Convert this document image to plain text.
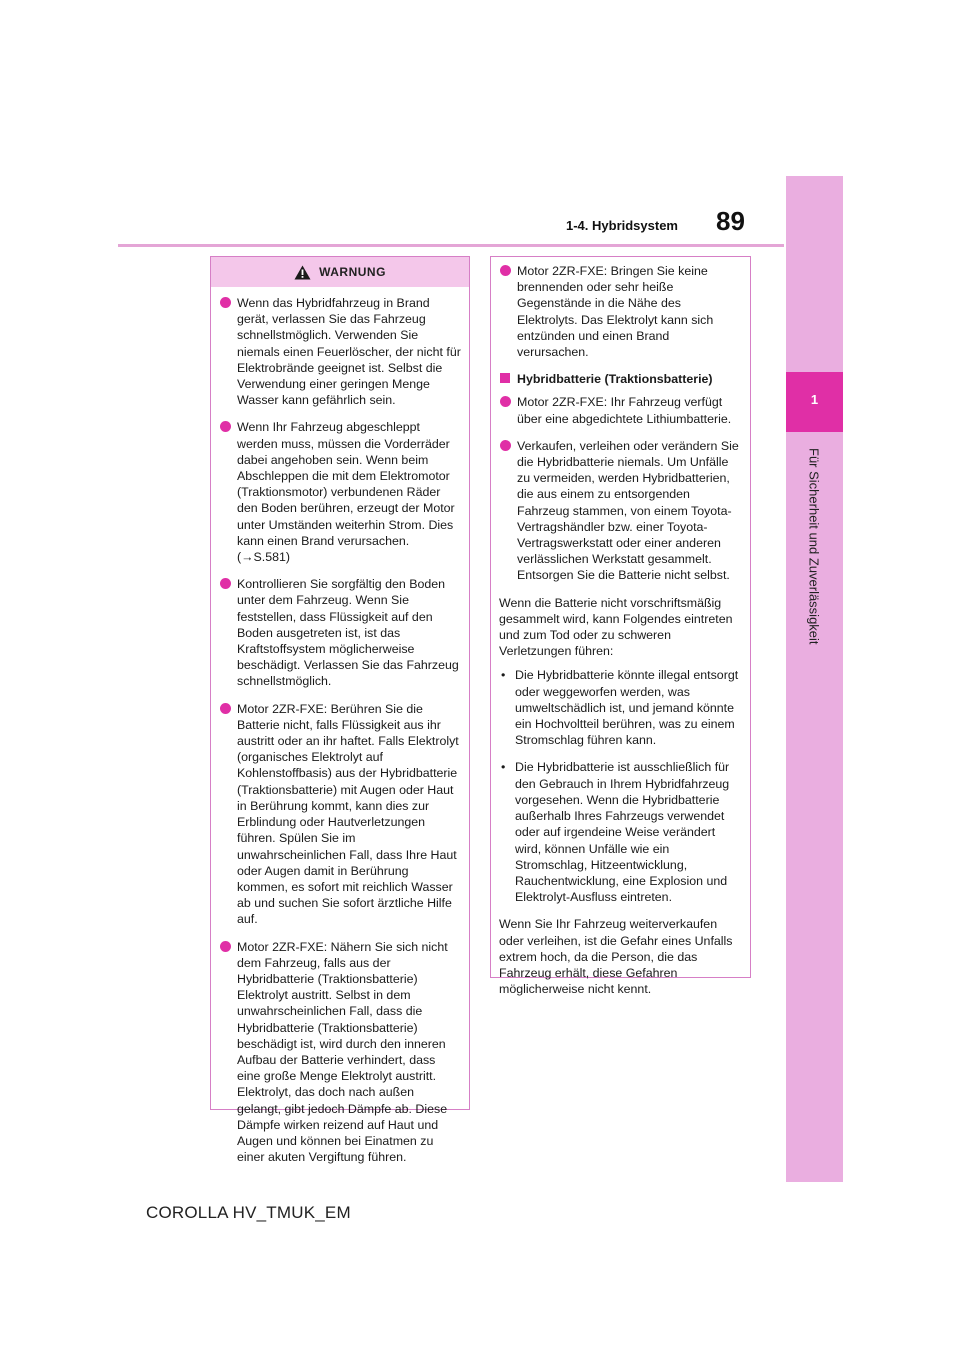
89
1-4. Hybridsystem
1
Für Sicherheit und Zuverlässigkeit
WARNUNG
Wenn das Hybridfahrzeug in Brand gerät, verlassen Sie das Fahrzeug schnellstmöglich. Verwenden Sie niemals einen Feuerlöscher, der nicht für Elektrobrände geeignet ist. Selbst die Verwendung einer geringen Menge Wasser kann gefährlich sein.
Wenn Ihr Fahrzeug abgeschleppt werden muss, müssen die Vorderräder dabei angehoben sein. Wenn beim Abschleppen die mit dem Elektromotor (Traktionsmotor) verbundenen Räder den Boden berühren, erzeugt der Motor unter Umständen weiterhin Strom. Dies kann einen Brand verursachen. (→S.581)
Kontrollieren Sie sorgfältig den Boden unter dem Fahrzeug. Wenn Sie feststellen, dass Flüssigkeit auf den Boden ausgetreten ist, ist das Kraftstoffsystem möglicherweise beschädigt. Verlassen Sie das Fahrzeug schnellstmöglich.
Motor 2ZR-FXE: Berühren Sie die Batterie nicht, falls Flüssigkeit aus ihr austritt oder an ihr haftet. Falls Elektrolyt (organisches Elektrolyt auf Kohlenstoffbasis) aus der Hybridbatterie (Traktionsbatterie) mit Augen oder Haut in Berührung kommt, kann dies zur Erblindung oder Hautverletzungen führen. Spülen Sie im unwahrscheinlichen Fall, dass Ihre Haut oder Augen damit in Berührung kommen, es sofort mit reichlich Wasser ab und suchen Sie sofort ärztliche Hilfe auf.
Motor 2ZR-FXE: Nähern Sie sich nicht dem Fahrzeug, falls aus der Hybridbatterie (Traktionsbatterie) Elektrolyt austritt. Selbst in dem unwahrscheinlichen Fall, dass die Hybridbatterie (Traktionsbatterie) beschädigt ist, wird durch den inneren Aufbau der Batterie verhindert, dass eine große Menge Elektrolyt austritt. Elektrolyt, das doch nach außen gelangt, gibt jedoch Dämpfe ab. Diese Dämpfe wirken reizend auf Haut und Augen und können bei Einatmen zu einer akuten Vergiftung führen.
Motor 2ZR-FXE: Bringen Sie keine brennenden oder sehr heiße Gegenstände in die Nähe des Elektrolyts. Das Elektrolyt kann sich entzünden und einen Brand verursachen.
Hybridbatterie (Traktionsbatterie)
Motor 2ZR-FXE: Ihr Fahrzeug verfügt über eine abgedichtete Lithiumbatterie.
Verkaufen, verleihen oder verändern Sie die Hybridbatterie niemals. Um Unfälle zu vermeiden, werden Hybridbatterien, die aus einem zu entsorgenden Fahrzeug stammen, von einem Toyota-Vertragshändler bzw. einer Toyota-Vertragswerkstatt oder einer anderen verlässlichen Werkstatt gesammelt. Entsorgen Sie die Batterie nicht selbst.
Wenn die Batterie nicht vorschriftsmäßig gesammelt wird, kann Folgendes eintreten und zum Tod oder zu schweren Verletzungen führen:
• Die Hybridbatterie könnte illegal entsorgt oder weggeworfen werden, was umweltschädlich ist, und jemand könnte ein Hochvoltteil berühren, was zu einem Stromschlag führen kann.
• Die Hybridbatterie ist ausschließlich für den Gebrauch in Ihrem Hybridfahrzeug vorgesehen. Wenn die Hybridbatterie außerhalb Ihres Fahrzeugs verwendet oder auf irgendeine Weise verändert wird, können Unfälle wie ein Stromschlag, Hitzeentwicklung, Rauchentwicklung, eine Explosion und Elektrolyt-Ausfluss eintreten.
Wenn Sie Ihr Fahrzeug weiterverkaufen oder verleihen, ist die Gefahr eines Unfalls extrem hoch, da die Person, die das Fahrzeug erhält, diese Gefahren möglicherweise nicht kennt.
COROLLA HV_TMUK_EM
